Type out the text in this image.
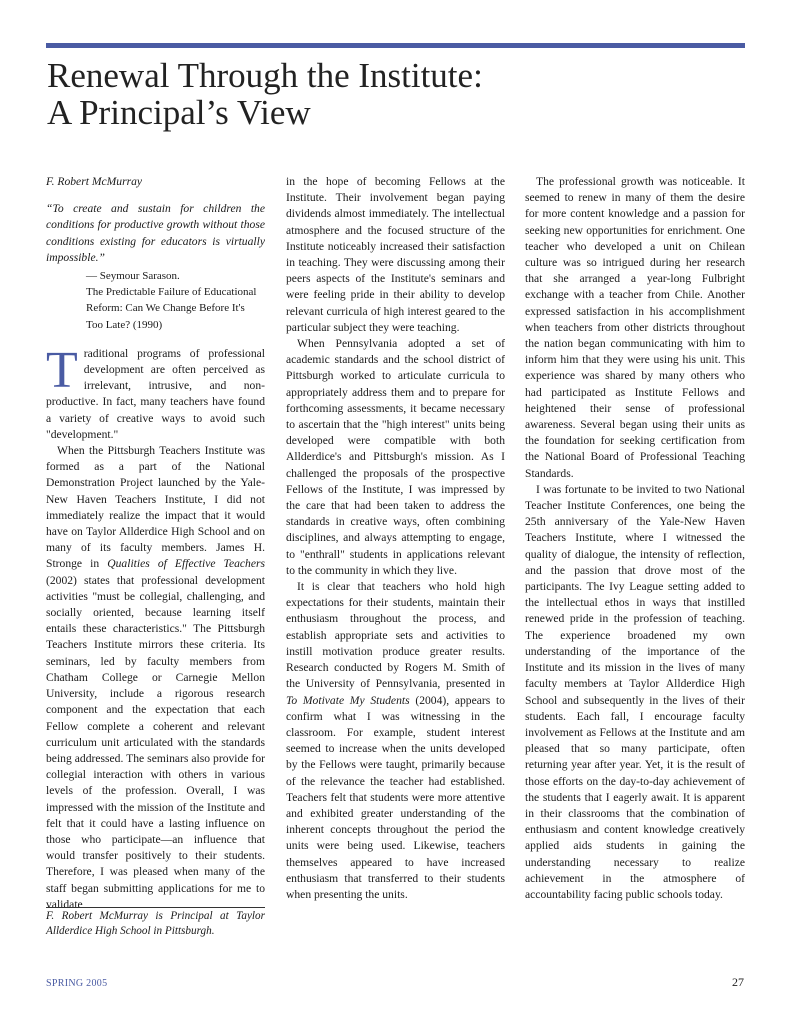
Renewal Through the Institute:
A Principal’s View

F. Robert McMurray

“To create and sustain for children the conditions for productive growth without those conditions existing for educators is virtually impossible.”

— Seymour Sarason.
The Predictable Failure of Educational
Reform: Can We Change Before It's
Too Late? (1990)

Traditional programs of professional development are often perceived as irrelevant, intrusive, and non-productive. In fact, many teachers have found a variety of creative ways to avoid such "development."

When the Pittsburgh Teachers Institute was formed as a part of the National Demonstration Project launched by the Yale-New Haven Teachers Institute, I did not immediately realize the impact that it would have on Taylor Allderdice High School and on many of its faculty members. James H. Stronge in Qualities of Effective Teachers (2002) states that professional development activities "must be collegial, challenging, and socially oriented, because learning itself entails these characteristics." The Pittsburgh Teachers Institute mirrors these criteria. Its seminars, led by faculty members from Chatham College or Carnegie Mellon University, include a rigorous research component and the expectation that each Fellow complete a coherent and relevant curriculum unit articulated with the standards being addressed. The seminars also provide for collegial interaction with others in various levels of the profession. Overall, I was impressed with the mission of the Institute and felt that it could have a lasting influence on those who participate—an influence that would transfer positively to their students. Therefore, I was pleased when many of the staff began submitting applications for me to validate

F. Robert McMurray is Principal at Taylor Allderdice High School in Pittsburgh.

in the hope of becoming Fellows at the Institute. Their involvement began paying dividends almost immediately. The intellectual atmosphere and the focused structure of the Institute noticeably increased their satisfaction in teaching. They were discussing among their peers aspects of the Institute's seminars and were feeling pride in their ability to develop relevant curricula of high interest geared to the particular subject they were teaching.

When Pennsylvania adopted a set of academic standards and the school district of Pittsburgh worked to articulate curricula to appropriately address them and to prepare for forthcoming assessments, it became necessary to ascertain that the "high interest" units being developed were compatible with both Allderdice's and Pittsburgh's mission. As I challenged the proposals of the prospective Fellows of the Institute, I was impressed by the care that had been taken to address the standards in creative ways, often combining disciplines, and always attempting to engage, to "enthrall" students in applications relevant to the community in which they live.

It is clear that teachers who hold high expectations for their students, maintain their enthusiasm throughout the process, and establish appropriate sets and activities to instill motivation produce greater results. Research conducted by Rogers M. Smith of the University of Pennsylvania, presented in To Motivate My Students (2004), appears to confirm what I was witnessing in the classroom. For example, student interest seemed to increase when the units developed by the Fellows were taught, primarily because of the relevance the teacher had established. Teachers felt that students were more attentive and exhibited greater understanding of the inherent concepts throughout the period the units were being used. Likewise, teachers themselves appeared to have increased enthusiasm that transferred to their students when presenting the units.

The professional growth was noticeable. It seemed to renew in many of them the desire for more content knowledge and a passion for seeking new opportunities for enrichment. One teacher who developed a unit on Chilean culture was so intrigued during her research that she arranged a year-long Fulbright exchange with a teacher from Chile. Another expressed satisfaction in his accomplishment when teachers from other districts throughout the nation began communicating with him to inform him that they were using his unit. This experience was shared by many others who had participated as Institute Fellows and heightened their sense of professional awareness. Several began using their units as the foundation for seeking certification from the National Board of Professional Teaching Standards.

I was fortunate to be invited to two National Teacher Institute Conferences, one being the 25th anniversary of the Yale-New Haven Teachers Institute, where I witnessed the quality of dialogue, the intensity of reflection, and the passion that drove most of the participants. The Ivy League setting added to the intellectual ethos in ways that instilled renewed pride in the profession of teaching. The experience broadened my own understanding of the importance of the Institute and its mission in the lives of many faculty members at Taylor Allderdice High School and subsequently in the lives of their students. Each fall, I encourage faculty involvement as Fellows at the Institute and am pleased that so many participate, often returning year after year. Yet, it is the result of those efforts on the day-to-day achievement of the students that I eagerly await. It is apparent in their classrooms that the combination of enthusiasm and content knowledge creatively applied aids students in gaining the understanding necessary to realize achievement in the atmosphere of accountability facing public schools today.

SPRING 2005	27
